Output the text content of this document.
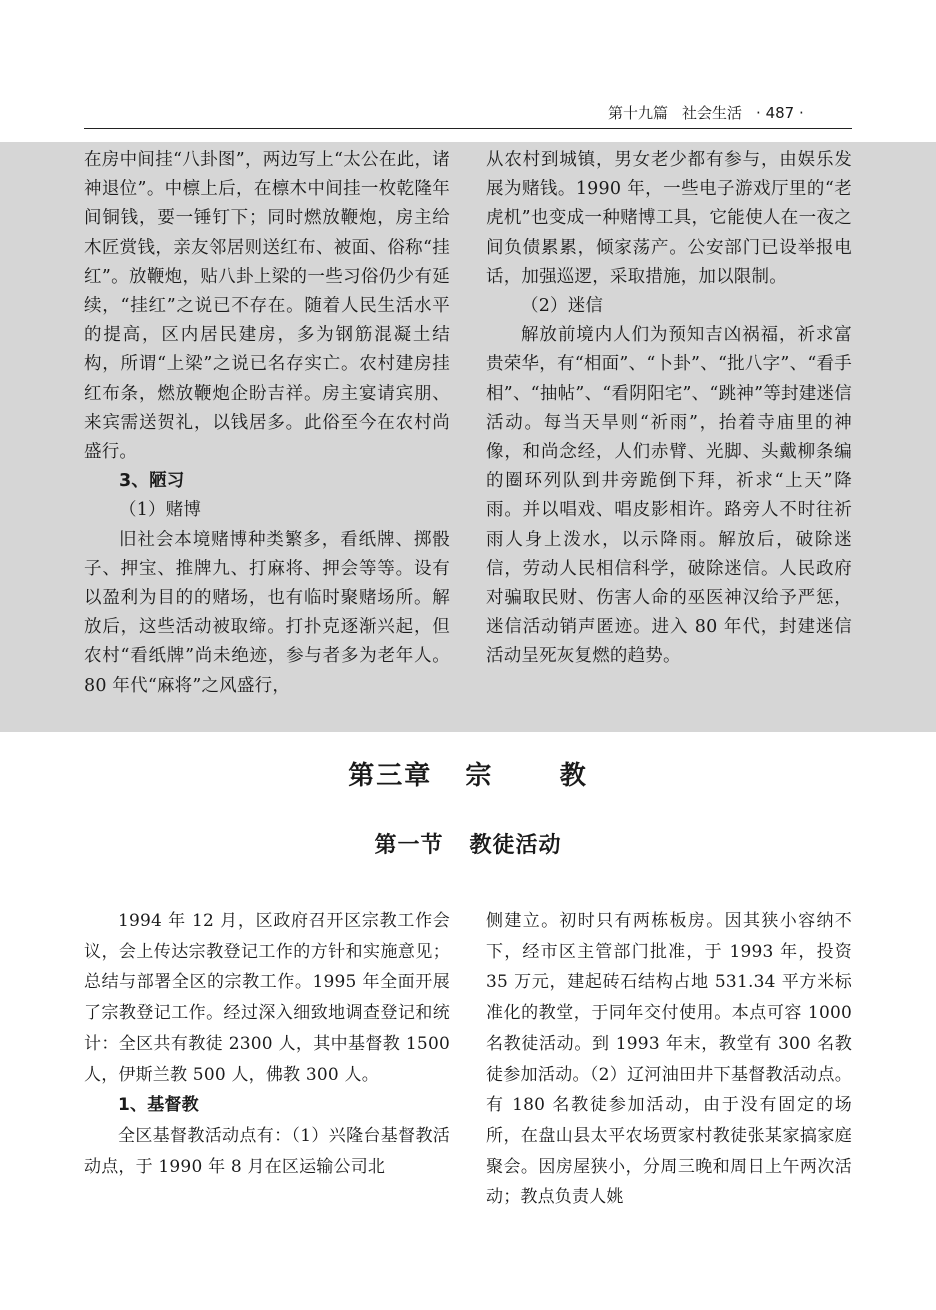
第十九篇 社会生活 · 487 ·

在房中间挂“八卦图”，两边写上“太公在此，诸神退位”。中檩上后，在檩木中间挂一枚乾隆年间铜钱，要一锤钉下；同时燃放鞭炮，房主给木匠赏钱，亲友邻居则送红布、被面、俗称“挂红”。放鞭炮，贴八卦上梁的一些习俗仍少有延续，“挂红”之说已不存在。随着人民生活水平的提高，区内居民建房，多为钢筋混凝土结构，所谓“上梁”之说已名存实亡。农村建房挂红布条，燃放鞭炮企盼吉祥。房主宴请宾朋、来宾需送贺礼，以钱居多。此俗至今在农村尚盛行。

3、陋习

（1）赌博

旧社会本境赌博种类繁多，看纸牌、掷骰子、押宝、推牌九、打麻将、押会等等。设有以盈利为目的的赌场，也有临时聚赌场所。解放后，这些活动被取缔。打扑克逐渐兴起，但农村“看纸牌”尚未绝迹，参与者多为老年人。80 年代“麻将”之风盛行，

从农村到城镇，男女老少都有参与，由娱乐发展为赌钱。1990 年，一些电子游戏厅里的“老虎机”也变成一种赌博工具，它能使人在一夜之间负债累累，倾家荡产。公安部门已设举报电话，加强巡逻，采取措施，加以限制。

（2）迷信

解放前境内人们为预知吉凶祸福，祈求富贵荣华，有“相面”、“卜卦”、“批八字”、“看手相”、“抽帖”、“看阴阳宅”、“跳神”等封建迷信活动。每当天旱则“祈雨”，抬着寺庙里的神像，和尚念经，人们赤臂、光脚、头戴柳条编的圈环列队到井旁跪倒下拜，祈求“上天”降雨。并以唱戏、唱皮影相许。路旁人不时往祈雨人身上泼水，以示降雨。解放后，破除迷信，劳动人民相信科学，破除迷信。人民政府对骗取民财、伤害人命的巫医神汉给予严惩，迷信活动销声匿迹。进入 80 年代，封建迷信活动呈死灰复燃的趋势。

第三章   宗      教
第一节   教徒活动

1994 年 12 月，区政府召开区宗教工作会议，会上传达宗教登记工作的方针和实施意见；总结与部署全区的宗教工作。1995 年全面开展了宗教登记工作。经过深入细致地调查登记和统计：全区共有教徒 2300 人，其中基督教 1500 人，伊斯兰教 500 人，佛教 300 人。

1、基督教

全区基督教活动点有：（1）兴隆台基督教活动点，于 1990 年 8 月在区运输公司北

侧建立。初时只有两栋板房。因其狭小容纳不下，经市区主管部门批准，于 1993 年，投资 35 万元，建起砖石结构占地 531.34 平方米标准化的教堂，于同年交付使用。本点可容 1000 名教徒活动。到 1993 年末，教堂有 300 名教徒参加活动。（2）辽河油田井下基督教活动点。有 180 名教徒参加活动，由于没有固定的场所，在盘山县太平农场贾家村教徒张某家搞家庭聚会。因房屋狭小，分周三晚和周日上午两次活动；教点负责人姚
